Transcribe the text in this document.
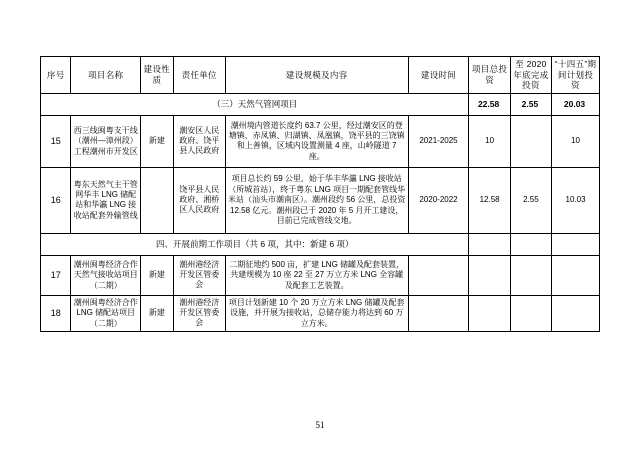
序号	项目名称	建设性质	责任单位	建设规模及内容	建设时间	项目总投资	至 2020 年底完成投资	“十四五”期间计划投资
（三）天然气管网项目						22.58	2.55	20.03
15	西三线闽粤支干线（潮州—漳州段）工程潮州市开发区	新建	潮安区人民政府、饶平县人民政府	潮州境内管道长度约 63.7 公里，经过潮安区的登塘镇、赤凤镇、归湖镇、凤凰镇，饶平县的三饶镇和上善镇，区域内设置测量 4 座，山岭隧道 7 座。	2021-2025	10		10
16	粤东天然气主干管网华丰 LNG 储配站和华瀛 LNG 接收站配套外输管线		饶平县人民政府、湘桥区人民政府	项目总长约 59 公里，始于华丰华瀛 LNG 接收站（所城首站），终于粤东 LNG 项目一期配套管线华米站（汕头市潮南区）。潮州段约 56 公里，总投资 12.58 亿元。潮州段已于 2020 年 5 月开工建设，目前已完成管线交地。	2020-2022	12.58	2.55	10.03
四、开展前期工作项目（共 6 项，其中：新建 6 项）								
17	潮州闽粤经济合作天然气接收站项目（二期）	新建	潮州港经济开发区管委会	二期征地约 500 亩，扩建 LNG 储罐及配套装置，共建规模为 10 座 22 至 27 万立方米 LNG 全容罐及配套工艺装置。				
18	潮州闽粤经济合作 LNG 储配站项目（二期）	新建	潮州港经济开发区管委会	项目计划新建 10 个 20 万立方米 LNG 储罐及配套设施，并开展为接收站，总储存能力将达到 60 万立方米。				
51
